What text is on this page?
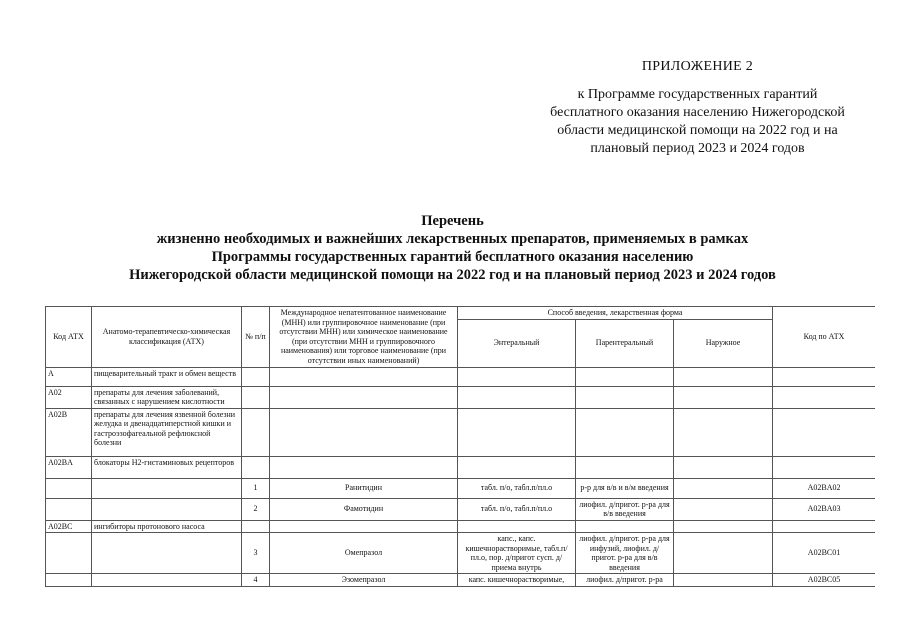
ПРИЛОЖЕНИЕ 2
к Программе государственных гарантий
бесплатного оказания населению Нижегородской
области медицинской помощи на 2022 год и на
плановый период 2023 и 2024 годов
Перечень
жизненно необходимых и важнейших лекарственных препаратов, применяемых в рамках
Программы государственных гарантий бесплатного оказания населению
Нижегородской области медицинской помощи на 2022 год и на плановый период 2023 и 2024 годов
Код АТХ	Анатомо-терапевтическо-химическая классификация (АТХ)	№ п/п	Международное непатентованное наименование (МНН) или группировочное наименование (при отсутствии МНН) или химическое наименование (при отсутствии МНН и группировочного наименования) или торговое наименование (при отсутствии иных наименований)	Способ введения, лекарственная форма			Код по АТХ
				Энтеральный	Парентеральный	Наружное	
A	пищеварительный тракт и обмен веществ						
A02	препараты для лечения заболеваний, связанных с нарушением кислотности						
A02B	препараты для лечения язвенной болезни желудка и двенадцатиперстной кишки и гастроэзофагеальной рефлюксной болезни						
A02BA	блокаторы Н2-гистаминовых рецепторов						
		1	Ранитидин	табл. п/о, табл.п/пл.о	р-р для в/в и в/м введения		A02BA02
		2	Фамотидин	табл. п/о, табл.п/пл.о	лиофил. д/пригот. р-ра для в/в введения		A02BA03
A02BC	ингибиторы протонового насоса						
		3	Омепразол	капс., капс. кишечнорастворимые, табл.п/пл.о, пор. д/пригот сусп. д/приема внутрь	лиофил. д/пригот. р-ра для инфузий, лиофил. д/пригот. р-ра для в/в введения		A02BC01
		4	Эзомепразол	капс. кишечнорастворимые,	лиофил. д/пригот. р-ра		A02BC05
